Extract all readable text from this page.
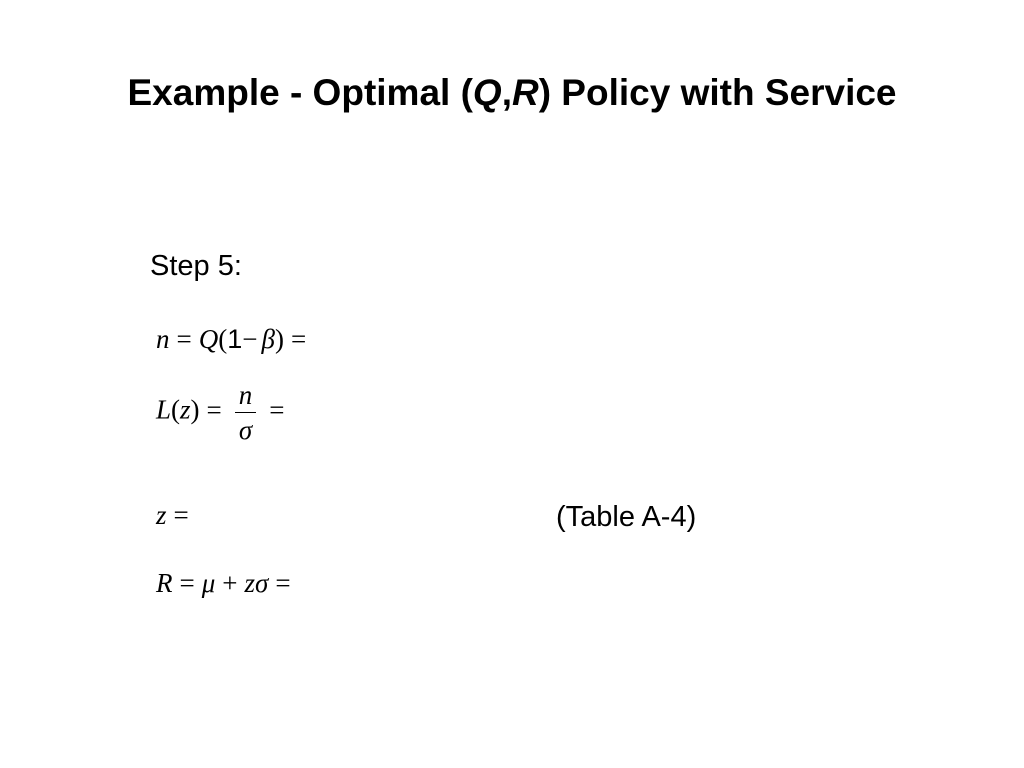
Example - Optimal (Q,R) Policy with Service
Step 5:
n = Q(1− β) =
$L(z) = \frac{n}{\sigma}$ =
z =	(Table A-4)
R = μ + zσ =
